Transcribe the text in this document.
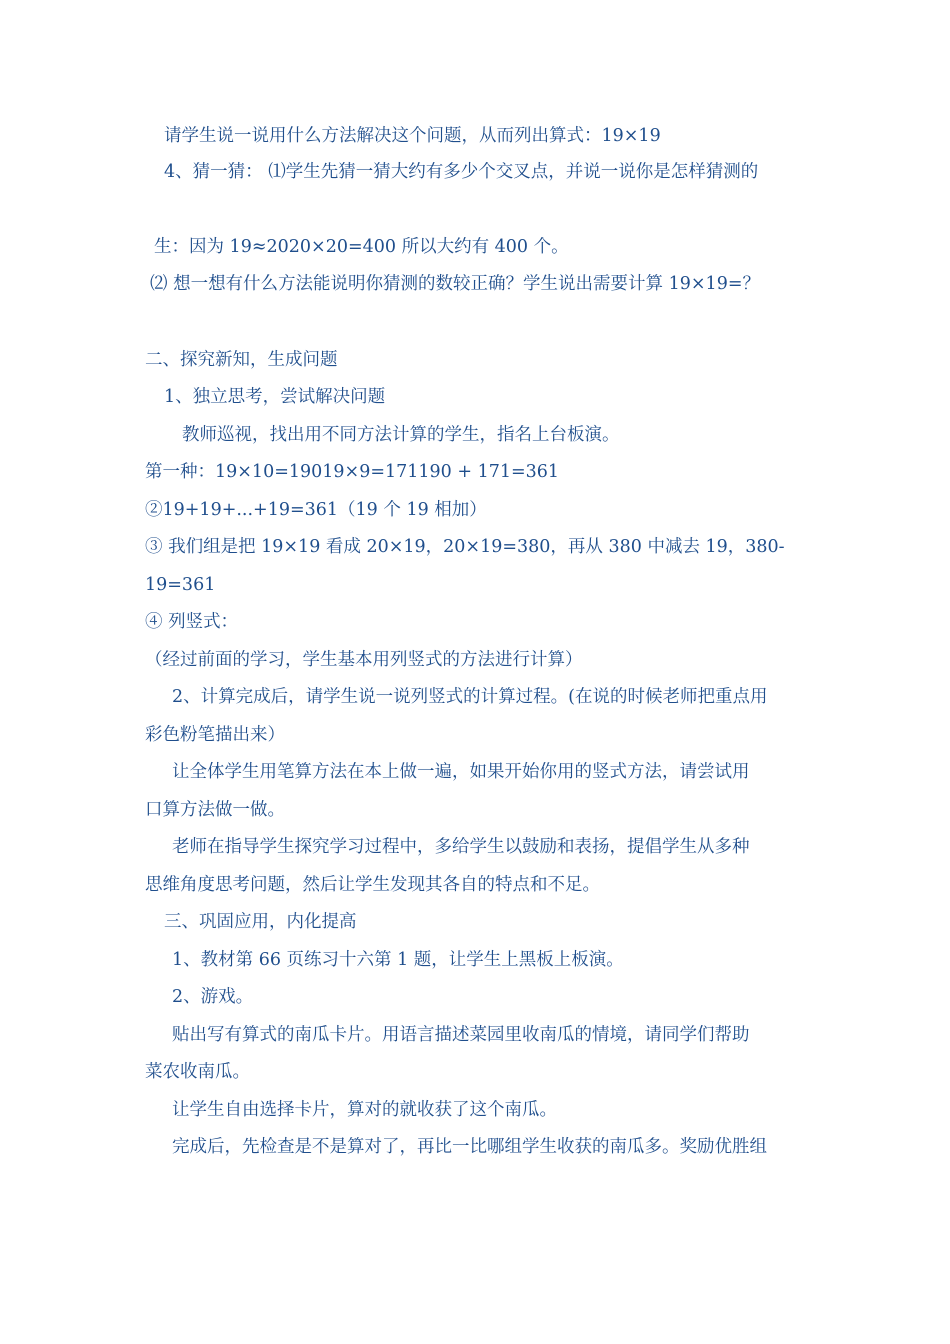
请学生说一说用什么方法解决这个问题，从而列出算式：19×19

4、猜一猜： ⑴学生先猜一猜大约有多少个交叉点，并说一说你是怎样猜测的

生：因为 19≈2020×20=400 所以大约有 400 个。

⑵ 想一想有什么方法能说明你猜测的数较正确？学生说出需要计算 19×19=？

二、探究新知，生成问题

1、独立思考，尝试解决问题

教师巡视，找出用不同方法计算的学生，指名上台板演。

第一种：19×10=19019×9=171190 + 171=361

②19+19+...+19=361（19 个 19 相加）

③ 我们组是把 19×19 看成 20×19，20×19=380，再从 380 中减去 19，380-

19=361

④ 列竖式：

（经过前面的学习，学生基本用列竖式的方法进行计算）

2、计算完成后，请学生说一说列竖式的计算过程。(在说的时候老师把重点用

彩色粉笔描出来）

让全体学生用笔算方法在本上做一遍，如果开始你用的竖式方法，请尝试用

口算方法做一做。

老师在指导学生探究学习过程中，多给学生以鼓励和表扬，提倡学生从多种

思维角度思考问题，然后让学生发现其各自的特点和不足。

三、巩固应用，内化提高

1、教材第 66 页练习十六第 1 题，让学生上黑板上板演。

2、游戏。

贴出写有算式的南瓜卡片。用语言描述菜园里收南瓜的情境，请同学们帮助

菜农收南瓜。

让学生自由选择卡片，算对的就收获了这个南瓜。

完成后，先检查是不是算对了，再比一比哪组学生收获的南瓜多。奖励优胜组
